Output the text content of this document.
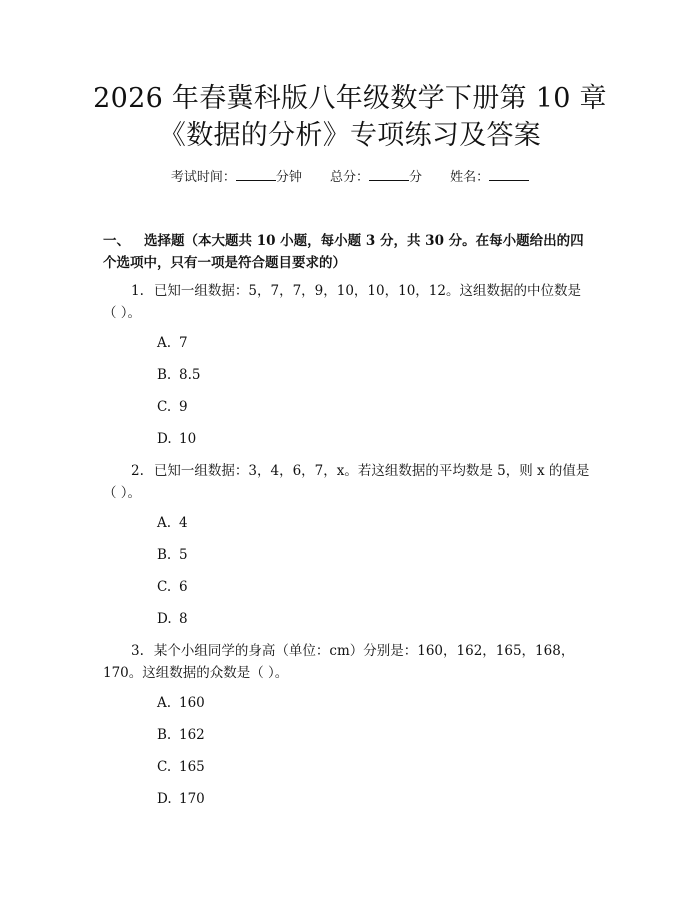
2026 年春冀科版八年级数学下册第 10 章
《数据的分析》专项练习及答案
考试时间：	分钟 总分：	分 姓名：

一、 选择题（本大题共 10 小题，每小题 3 分，共 30 分。在每小题给出的四个选项中，只有一项是符合题目要求的）

1. 已知一组数据：5，7，7，9，10，10，10，12。这组数据的中位数是（ ）。

A. 7
B. 8.5
C. 9
D. 10

2. 已知一组数据：3，4，6，7，x。若这组数据的平均数是 5，则 x 的值是（ ）。

A. 4
B. 5
C. 6
D. 8

3. 某个小组同学的身高（单位：cm）分别是：160，162，165，168，170。这组数据的众数是（ ）。

A. 160
B. 162
C. 165
D. 170
